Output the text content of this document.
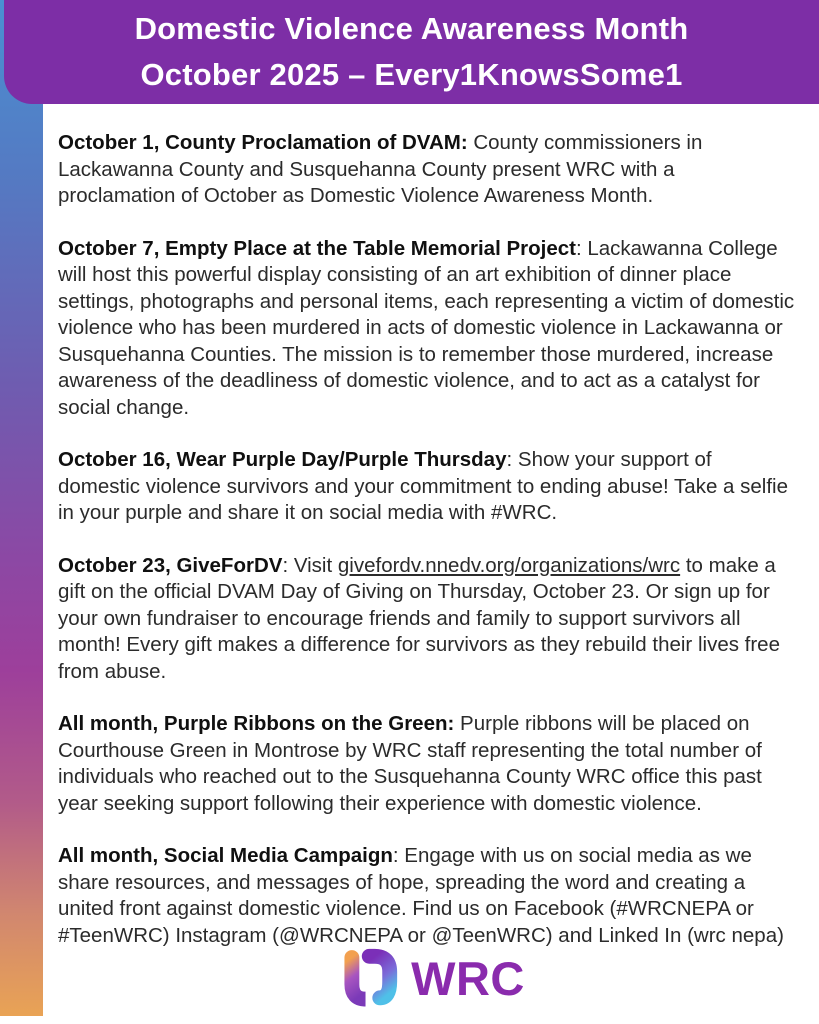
Domestic Violence Awareness Month
October 2025 – Every1KnowsSome1
October 1, County Proclamation of DVAM: County commissioners in Lackawanna County and Susquehanna County present WRC with a proclamation of October as Domestic Violence Awareness Month.
October 7, Empty Place at the Table Memorial Project: Lackawanna College will host this powerful display consisting of an art exhibition of dinner place settings, photographs and personal items, each representing a victim of domestic violence who has been murdered in acts of domestic violence in Lackawanna or Susquehanna Counties. The mission is to remember those murdered, increase awareness of the deadliness of domestic violence, and to act as a catalyst for social change.
October 16, Wear Purple Day/Purple Thursday: Show your support of domestic violence survivors and your commitment to ending abuse! Take a selfie in your purple and share it on social media with #WRC.
October 23, GiveForDV: Visit givefordv.nnedv.org/organizations/wrc to make a gift on the official DVAM Day of Giving on Thursday, October 23. Or sign up for your own fundraiser to encourage friends and family to support survivors all month! Every gift makes a difference for survivors as they rebuild their lives free from abuse.
All month, Purple Ribbons on the Green: Purple ribbons will be placed on Courthouse Green in Montrose by WRC staff representing the total number of individuals who reached out to the Susquehanna County WRC office this past year seeking support following their experience with domestic violence.
All month, Social Media Campaign: Engage with us on social media as we share resources, and messages of hope, spreading the word and creating a united front against domestic violence. Find us on Facebook (#WRCNEPA or #TeenWRC) Instagram (@WRCNEPA or @TeenWRC) and Linked In (wrc nepa)
WRC
